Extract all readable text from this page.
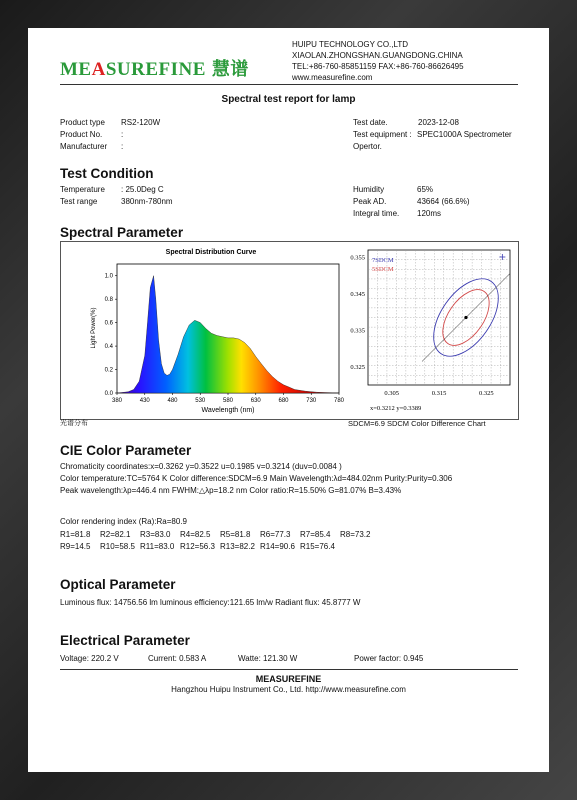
MEASUREFINE 慧谱
HUIPU TECHNOLOGY CO.,LTD
XIAOLAN.ZHONGSHAN.GUANGDONG.CHINA
TEL:+86-760-85851159 FAX:+86-760-86626495
www.measurefine.com
Spectral test report for lamp
Product type RS2-120W
Product No. :
Manufacturer :
Test date.	2023-12-08
Test equipment : SPEC1000A Spectrometer
Opertor.
Test Condition
Temperature : 25.0Deg C
Test range	380nm-780nm
Humidity	65%
Peak AD.	43664 (66.6%)
Integral time. 120ms
Spectral Parameter
Spectral Distribution Curve
380	430	480	530	580	630	680	730	780
0.0
0.2
0.4
0.6
0.8
1.0
Wavelength (nm)
Light Power(%)
0.305	0.315	0.325
0.355
0.345
0.335
0.325
7SDCM
5SDCM
x=0.3212 y=0.3389
光谱分布	SDCM=6.9 SDCM Color Difference Chart
CIE Color Parameter
Chromaticity coordinates:x=0.3262 y=0.3522 u=0.1985 v=0.3214 (duv=0.0084 )
Color temperature:TC=5764 K Color difference:SDCM=6.9 Main Wavelength:λd=484.02nm Purity:Purity=0.306
Peak wavelength:λp=446.4 nm FWHM:△λp=18.2 nm Color ratio:R=15.50% G=81.07% B=3.43%
Color rendering index (Ra):Ra=80.9
R1=81.8 R2=82.1 R3=83.0 R4=82.5 R5=81.8 R6=77.3 R7=85.4 R8=73.2
R9=14.5 R10=58.5 R11=83.0 R12=56.3 R13=82.2 R14=90.6 R15=76.4
Optical Parameter
Luminous flux: 14756.56 lm luminous efficiency:121.65 lm/w Radiant flux: 45.8777 W
Electrical Parameter
Voltage: 220.2 V	Current: 0.583 A	Watte: 121.30 W	Power factor: 0.945
MEASUREFINE
Hangzhou Huipu Instrument Co., Ltd. http://www.measurefine.com
